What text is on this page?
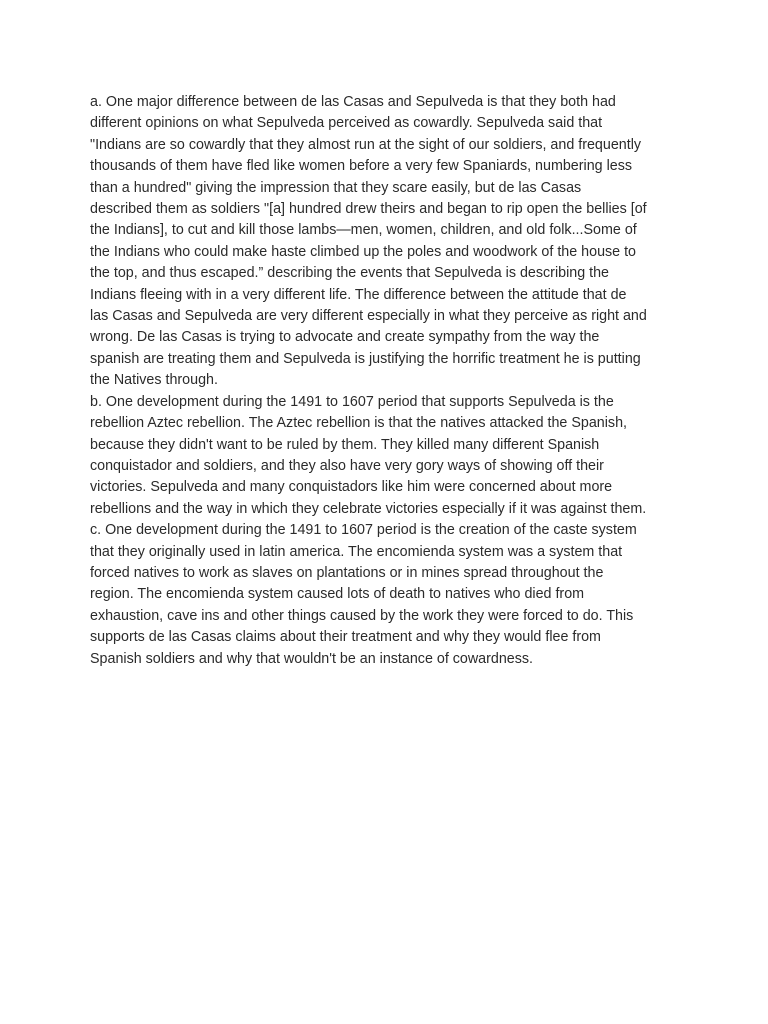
a. One major difference between de las Casas and Sepulveda is that they both had
different opinions on what Sepulveda perceived as cowardly. Sepulveda said that
"Indians are so cowardly that they almost run at the sight of our soldiers, and frequently
thousands of them have fled like women before a very few Spaniards, numbering less
than a hundred" giving the impression that they scare easily, but de las Casas
described them as soldiers "[a] hundred drew theirs and began to rip open the bellies [of
the Indians], to cut and kill those lambs—men, women, children, and old folk...Some of
the Indians who could make haste climbed up the poles and woodwork of the house to
the top, and thus escaped.” describing the events that Sepulveda is describing the
Indians fleeing with in a very different life. The difference between the attitude that de
las Casas and Sepulveda are very different especially in what they perceive as right and
wrong. De las Casas is trying to advocate and create sympathy from the way the
spanish are treating them and Sepulveda is justifying the horrific treatment he is putting
the Natives through.
b. One development during the 1491 to 1607 period that supports Sepulveda is the
rebellion Aztec rebellion. The Aztec rebellion is that the natives attacked the Spanish,
because they didn't want to be ruled by them. They killed many different Spanish
conquistador and soldiers, and they also have very gory ways of showing off their
victories. Sepulveda and many conquistadors like him were concerned about more
rebellions and the way in which they celebrate victories especially if it was against them.
c. One development during the 1491 to 1607 period is the creation of the caste system
that they originally used in latin america. The encomienda system was a system that
forced natives to work as slaves on plantations or in mines spread throughout the
region. The encomienda system caused lots of death to natives who died from
exhaustion, cave ins and other things caused by the work they were forced to do. This
supports de las Casas claims about their treatment and why they would flee from
Spanish soldiers and why that wouldn't be an instance of cowardness.
